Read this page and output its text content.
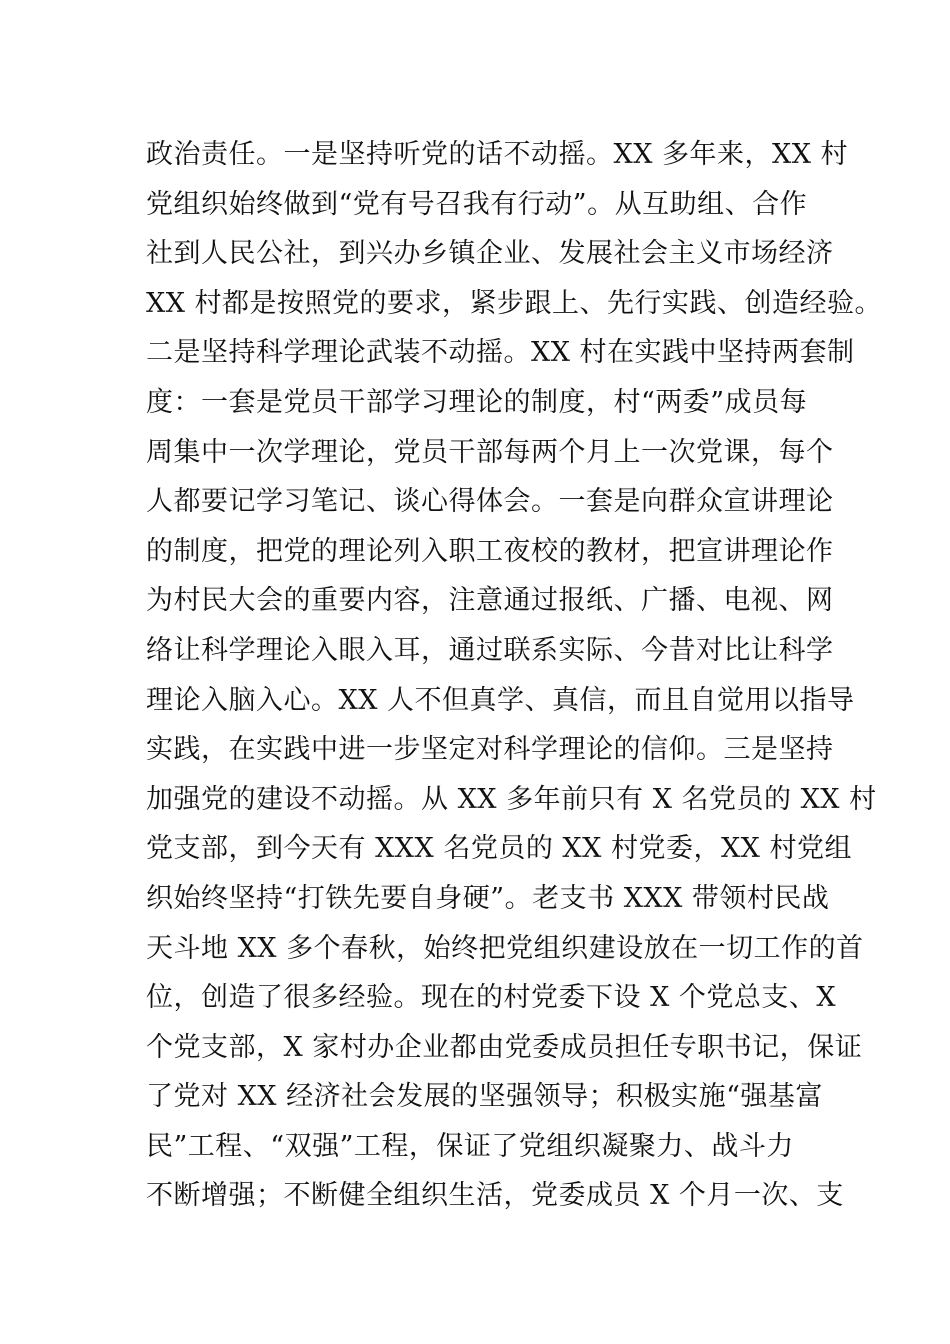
政治责任。一是坚持听党的话不动摇。XX 多年来，XX 村
党组织始终做到“党有号召我有行动”。从互助组、合作
社到人民公社，到兴办乡镇企业、发展社会主义市场经济
XX 村都是按照党的要求，紧步跟上、先行实践、创造经验。
二是坚持科学理论武装不动摇。XX 村在实践中坚持两套制
度：一套是党员干部学习理论的制度，村“两委”成员每
周集中一次学理论，党员干部每两个月上一次党课，每个
人都要记学习笔记、谈心得体会。一套是向群众宣讲理论
的制度，把党的理论列入职工夜校的教材，把宣讲理论作
为村民大会的重要内容，注意通过报纸、广播、电视、网
络让科学理论入眼入耳，通过联系实际、今昔对比让科学
理论入脑入心。XX 人不但真学、真信，而且自觉用以指导
实践，在实践中进一步坚定对科学理论的信仰。三是坚持
加强党的建设不动摇。从 XX 多年前只有 X 名党员的 XX 村
党支部，到今天有 XXX 名党员的 XX 村党委，XX 村党组
织始终坚持“打铁先要自身硬”。老支书 XXX 带领村民战
天斗地 XX 多个春秋，始终把党组织建设放在一切工作的首
位，创造了很多经验。现在的村党委下设 X 个党总支、X
个党支部，X 家村办企业都由党委成员担任专职书记，保证
了党对 XX 经济社会发展的坚强领导；积极实施“强基富
民”工程、“双强”工程，保证了党组织凝聚力、战斗力
不断增强；不断健全组织生活，党委成员 X 个月一次、支
